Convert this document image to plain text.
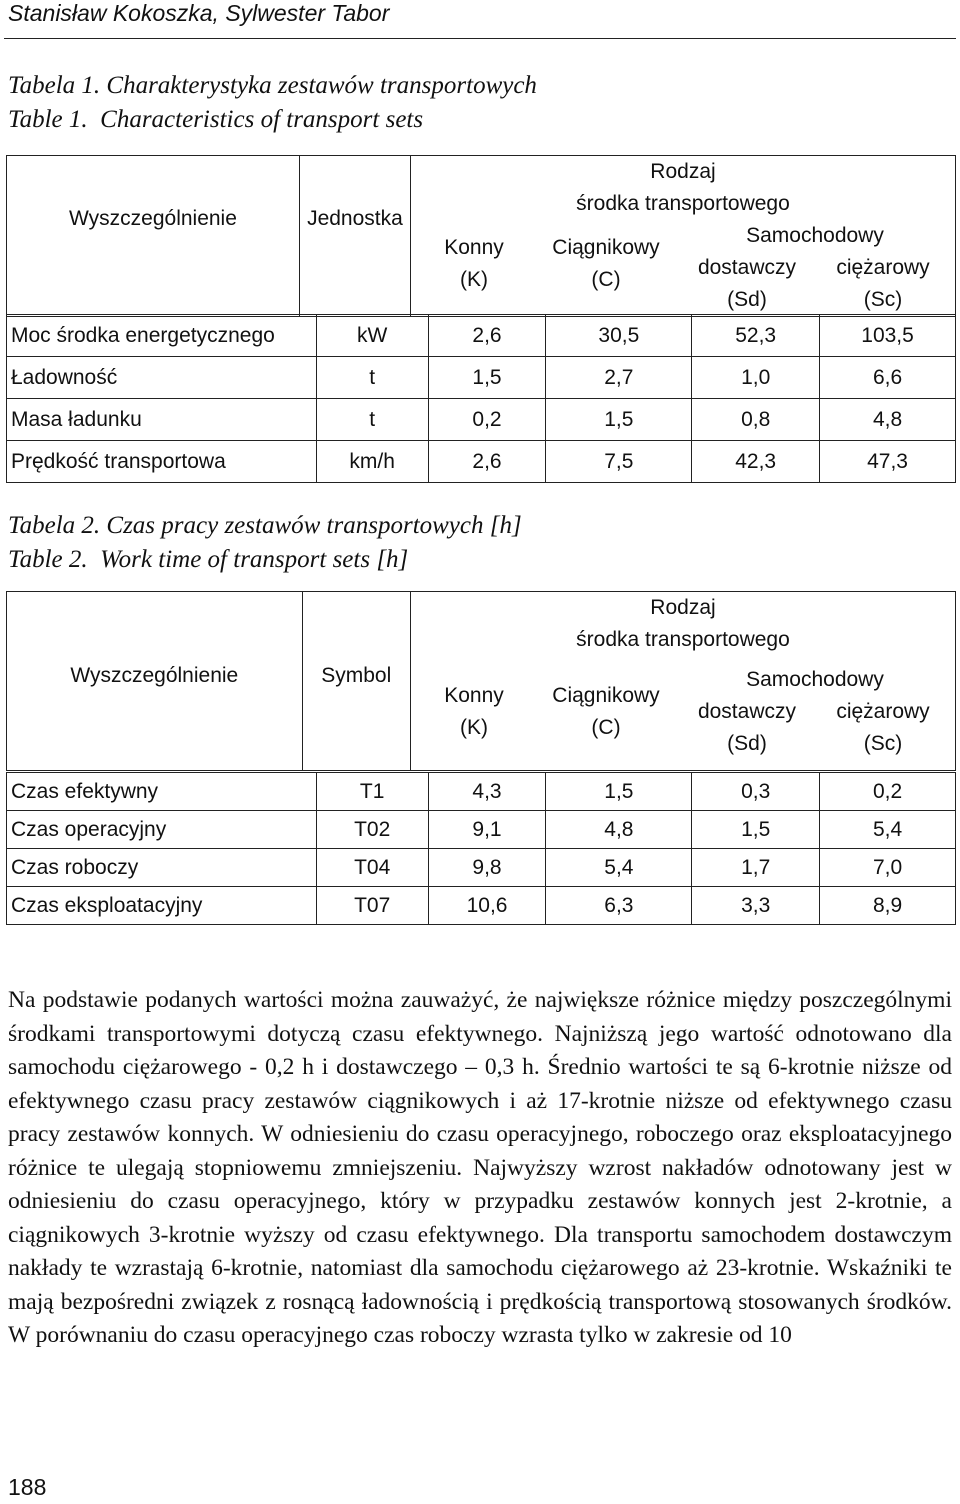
Stanisław Kokoszka, Sylwester Tabor
Tabela 1. Charakterystyka zestawów transportowych
Table 1.  Characteristics of transport sets
Wyszczególnienie	Jednostka

Rodzaj
środka transportowego
Konny
(K)
Ciągnikowy
(C)
Samochodowy
dostawczy
(Sd)
ciężarowy
(Sc)
Moc środka energetycznego	kW	2,6	30,5	52,3	103,5
Ładowność	t	1,5	2,7	1,0	6,6
Masa ładunku	t	0,2	1,5	0,8	4,8
Prędkość transportowa	km/h	2,6	7,5	42,3	47,3
Tabela 2. Czas pracy zestawów transportowych [h]
Table 2.  Work time of transport sets [h]
Wyszczególnienie	Symbol

Rodzaj
środka transportowego
Konny
(K)
Ciągnikowy
(C)
Samochodowy
dostawczy
(Sd)
ciężarowy
(Sc)
Czas efektywny	T1	4,3	1,5	0,3	0,2
Czas operacyjny	T02	9,1	4,8	1,5	5,4
Czas roboczy	T04	9,8	5,4	1,7	7,0
Czas eksploatacyjny	T07	10,6	6,3	3,3	8,9

Na podstawie podanych wartości można zauważyć, że największe różnice między poszczególnymi środkami transportowymi dotyczą czasu efektywnego. Najniższą jego wartość odnotowano dla samochodu ciężarowego - 0,2 h i dostawczego – 0,3 h. Średnio wartości te są 6-krotnie niższe od efektywnego czasu pracy zestawów ciągnikowych i aż 17-krotnie niższe od efektywnego czasu pracy zestawów konnych. W odniesieniu do czasu operacyjnego, roboczego oraz eksploatacyjnego różnice te ulegają stopniowemu zmniejszeniu. Najwyższy wzrost nakładów odnotowany jest w odniesieniu do czasu operacyjnego, który w przypadku zestawów konnych jest 2-krotnie, a ciągnikowych 3-krotnie wyższy od czasu efektywnego. Dla transportu samochodem dostawczym nakłady te wzrastają 6-krotnie, natomiast dla samochodu ciężarowego aż 23-krotnie. Wskaźniki te mają bezpośredni związek z rosnącą ładownością i prędkością transportową stosowanych środków. W porównaniu do czasu operacyjnego czas roboczy wzrasta tylko w zakresie od 10

188
